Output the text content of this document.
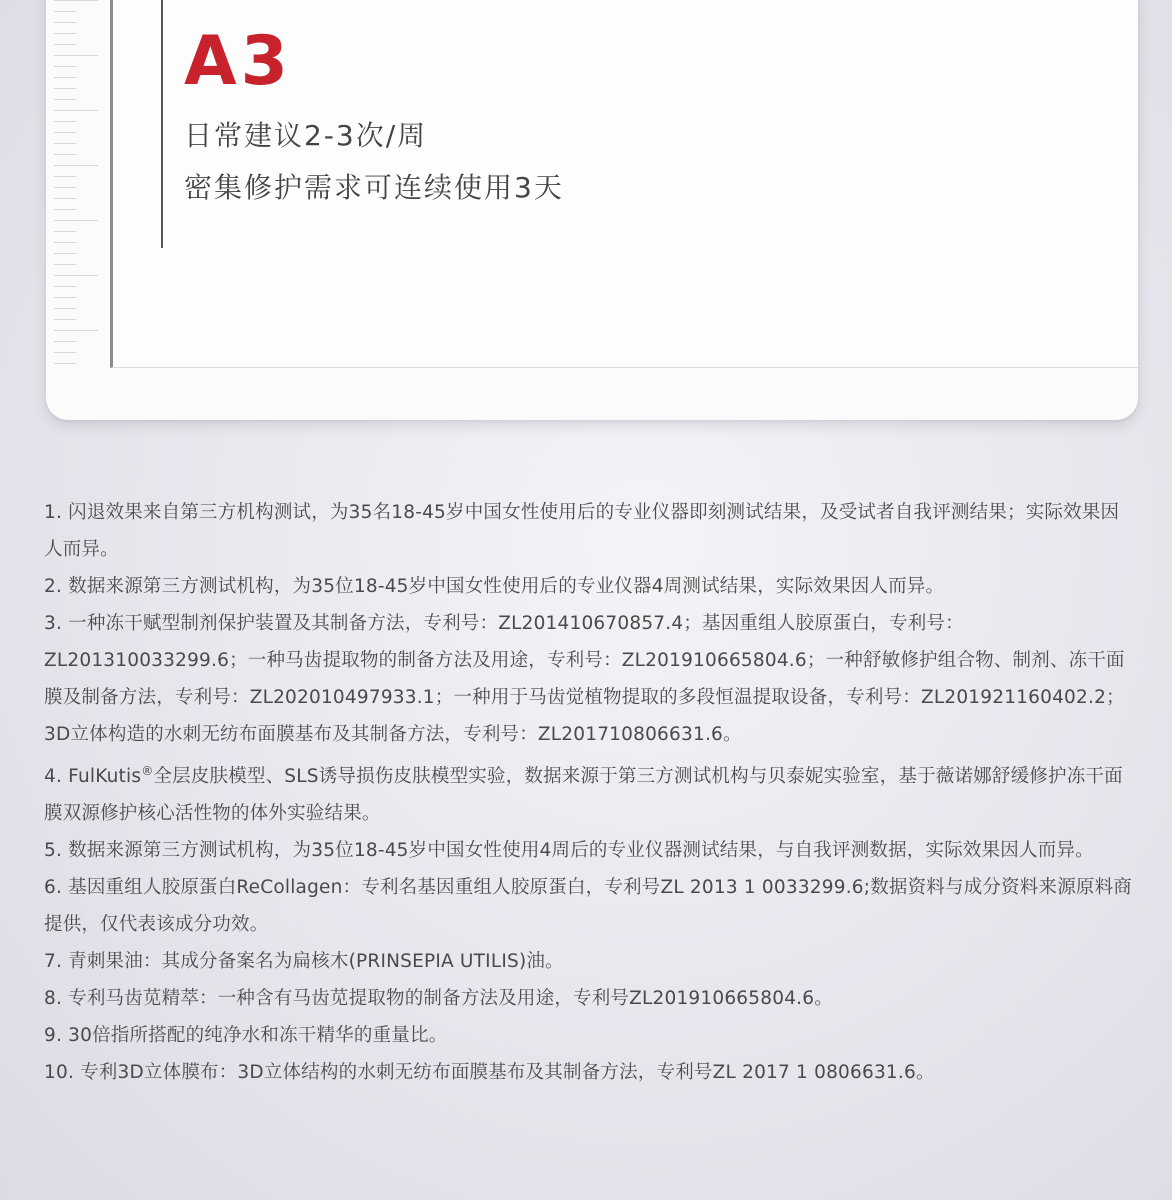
A3
日常建议2-3次/周
密集修护需求可连续使用3天

1. 闪退效果来自第三方机构测试，为35名18-45岁中国女性使用后的专业仪器即刻测试结果，及受试者自我评测结果；实际效果因人而异。

2. 数据来源第三方测试机构，为35位18-45岁中国女性使用后的专业仪器4周测试结果，实际效果因人而异。

3. 一种冻干赋型制剂保护装置及其制备方法，专利号：ZL201410670857.4；基因重组人胶原蛋白，专利号：ZL201310033299.6；一种马齿提取物的制备方法及用途，专利号：ZL201910665804.6；一种舒敏修护组合物、制剂、冻干面膜及制备方法，专利号：ZL202010497933.1；一种用于马齿觉植物提取的多段恒温提取设备，专利号：ZL201921160402.2；3D立体构造的水刺无纺布面膜基布及其制备方法，专利号：ZL201710806631.6。

4. FulKutis®全层皮肤模型、SLS诱导损伤皮肤模型实验，数据来源于第三方测试机构与贝泰妮实验室，基于薇诺娜舒缓修护冻干面膜双源修护核心活性物的体外实验结果。

5. 数据来源第三方测试机构，为35位18-45岁中国女性使用4周后的专业仪器测试结果，与自我评测数据，实际效果因人而异。

6. 基因重组人胶原蛋白ReCollagen：专利名基因重组人胶原蛋白，专利号ZL 2013 1 0033299.6;数据资料与成分资料来源原料商提供，仅代表该成分功效。

7. 青刺果油：其成分备案名为扁核木(PRINSEPIA UTILIS)油。

8. 专利马齿苋精萃：一种含有马齿苋提取物的制备方法及用途，专利号ZL201910665804.6。

9. 30倍指所搭配的纯净水和冻干精华的重量比。

10. 专利3D立体膜布：3D立体结构的水刺无纺布面膜基布及其制备方法，专利号ZL 2017 1 0806631.6。
